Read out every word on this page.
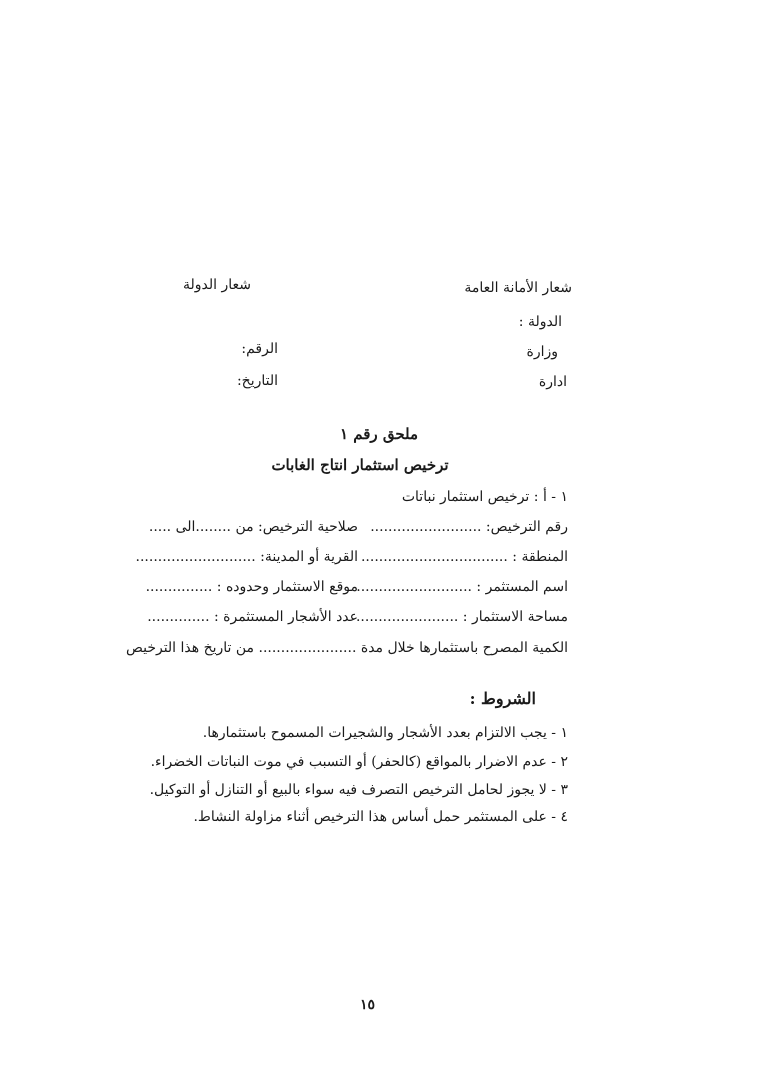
شعار الأمانة العامة
شعار الدولة
الدولة :
وزارة
ادارة
الرقم:
التاريخ:
ملحق رقم ١
ترخيص استثمار انتاج الغابات
١ - أ : ترخيص استثمار نباتات
رقم الترخيص: .........................
صلاحية الترخيص: من ........الى .....
المنطقة : .................................
القرية أو المدينة: ...........................
اسم المستثمر : ..........................
موقع الاستثمار وحدوده : ...............
مساحة الاستثمار : .......................
عدد الأشجار المستثمرة : ..............
الكمية المصرح باستثمارها خلال مدة ...................... من تاريخ هذا الترخيص
الشروط :
١ - يجب الالتزام بعدد الأشجار والشجيرات المسموح باستثمارها.
٢ - عدم الاضرار بالمواقع (كالحفر) أو التسبب في موت النباتات الخضراء.
٣ - لا يجوز لحامل الترخيص التصرف فيه سواء بالبيع أو التنازل أو التوكيل.
٤ - على المستثمر حمل أساس هذا الترخيص أثناء مزاولة النشاط.
١٥
